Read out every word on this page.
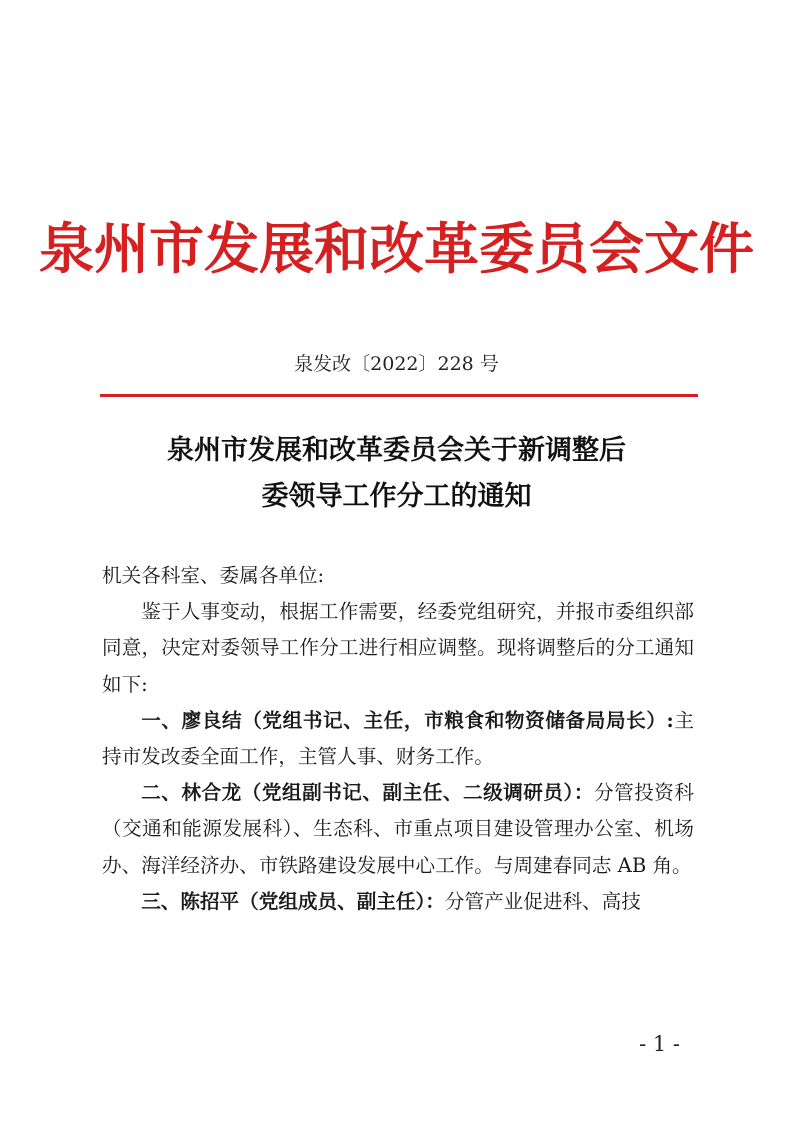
泉州市发展和改革委员会文件
泉发改〔2022〕228 号
泉州市发展和改革委员会关于新调整后
委领导工作分工的通知

机关各科室、委属各单位:

鉴于人事变动，根据工作需要，经委党组研究，并报市委组织部同意，决定对委领导工作分工进行相应调整。现将调整后的分工通知如下:

一、廖良结（党组书记、主任，市粮食和物资储备局局长）:主持市发改委全面工作，主管人事、财务工作。

二、林合龙（党组副书记、副主任、二级调研员）：分管投资科（交通和能源发展科）、生态科、市重点项目建设管理办公室、机场办、海洋经济办、市铁路建设发展中心工作。与周建春同志 AB 角。

三、陈招平（党组成员、副主任）：分管产业促进科、高技

- 1 -
